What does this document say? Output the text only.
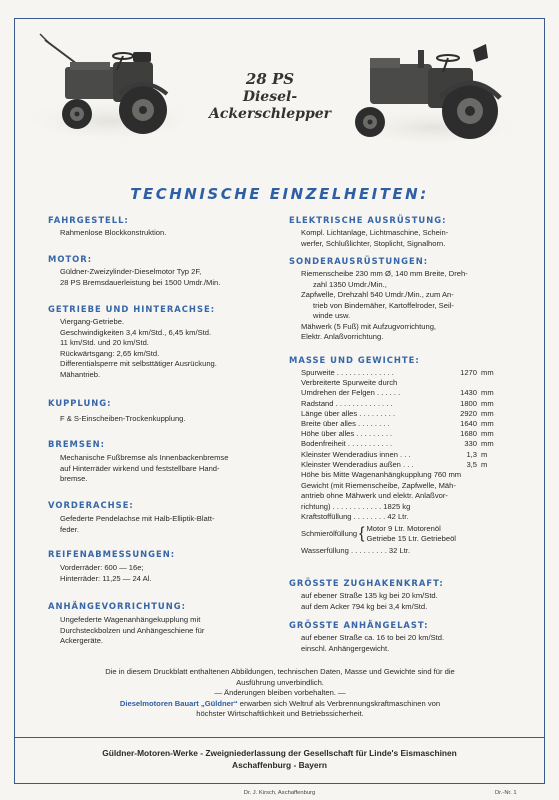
28 PS
Diesel-
Ackerschlepper
TECHNISCHE EINZELHEITEN:
FAHRGESTELL:
Rahmenlose Blockkonstruktion.
MOTOR:
Güldner-Zweizylinder-Dieselmotor Typ 2F,
28 PS Bremsdauerleistung bei 1500 Umdr./Min.
GETRIEBE UND HINTERACHSE:
Viergang-Getriebe.
Geschwindigkeiten 3,4 km/Std., 6,45 km/Std.
11 km/Std. und 20 km/Std.
Rückwärtsgang: 2,65 km/Std.
Differentialsperre mit selbsttätiger Ausrückung.
Mähantrieb.
KUPPLUNG:
F & S-Einscheiben-Trockenkupplung.
BREMSEN:
Mechanische Fußbremse als Innenbackenbremse
auf Hinterräder wirkend und feststellbare Hand-
bremse.
VORDERACHSE:
Gefederte Pendelachse mit Halb-Elliptik-Blatt-
feder.
REIFENABMESSUNGEN:
Vorderräder: 600 — 16e;
Hinterräder: 11,25 — 24 Al.
ANHÄNGEVORRICHTUNG:
Ungefederte Wagenanhängekupplung mit
Durchsteckbolzen und Anhängeschiene für
Ackergeräte.
ELEKTRISCHE AUSRÜSTUNG:
Kompl. Lichtanlage, Lichtmaschine, Schein-
werfer, Schlußlichter, Stoplicht, Signalhorn.
SONDERAUSRÜSTUNGEN:
Riemenscheibe 230 mm Ø, 140 mm Breite, Dreh-
zahl 1350 Umdr./Min.,
Zapfwelle, Drehzahl 540 Umdr./Min., zum An-
trieb von Bindemäher, Kartoffelroder, Seil-
winde usw.
Mähwerk (5 Fuß) mit Aufzugvorrichtung,
Elektr. Anlaßvorrichtung.
MASSE UND GEWICHTE:
Spurweite . . . . . . . . . . . . . .	1270 mm
Verbreiterte Spurweite durch
Umdrehen der Felgen . . . . . .	1430 mm
Radstand . . . . . . . . . . . . . .	1800 mm
Länge über alles . . . . . . . . .	2920 mm
Breite über alles . . . . . . . .	1640 mm
Höhe über alles . . . . . . . . .	1680 mm
Bodenfreiheit . . . . . . . . . . .	330 mm
Kleinster Wenderadius innen . . .	1,3 m
Kleinster Wenderadius außen . . .	3,5 m
Höhe bis Mitte Wagenanhängkupplung 760 mm
Gewicht (mit Riemenscheibe, Zapfwelle, Mäh-
antrieb ohne Mähwerk und elektr. Anlaßvor-
richtung) . . . . . . . . . . . . 1825 kg
Kraftstoffüllung . . . . . . . . 42 Ltr.
Schmierölfüllung { Motor 9 Ltr. Motorenöl
Getriebe 15 Ltr. Getriebeöl
Wasserfüllung . . . . . . . . . 32 Ltr.
GRÖSSTE ZUGHAKENKRAFT:
auf ebener Straße 135 kg bei 20 km/Std.
auf dem Acker 794 kg bei 3,4 km/Std.
GRÖSSTE ANHÄNGELAST:
auf ebener Straße ca. 16 to bei 20 km/Std.
einschl. Anhängergewicht.
Die in diesem Druckblatt enthaltenen Abbildungen, technischen Daten, Masse und Gewichte sind für die
Ausführung unverbindlich.
— Änderungen bleiben vorbehalten. —
Dieselmotoren Bauart „Güldner“ erwarben sich Weltruf als Verbrennungskraftmaschinen von
höchster Wirtschaftlichkeit und Betriebssicherheit.
Güldner-Motoren-Werke - Zweigniederlassung der Gesellschaft für Linde's Eismaschinen
Aschaffenburg - Bayern
Dr. J. Kirsch, Aschaffenburg	Dr.-Nr. 1
